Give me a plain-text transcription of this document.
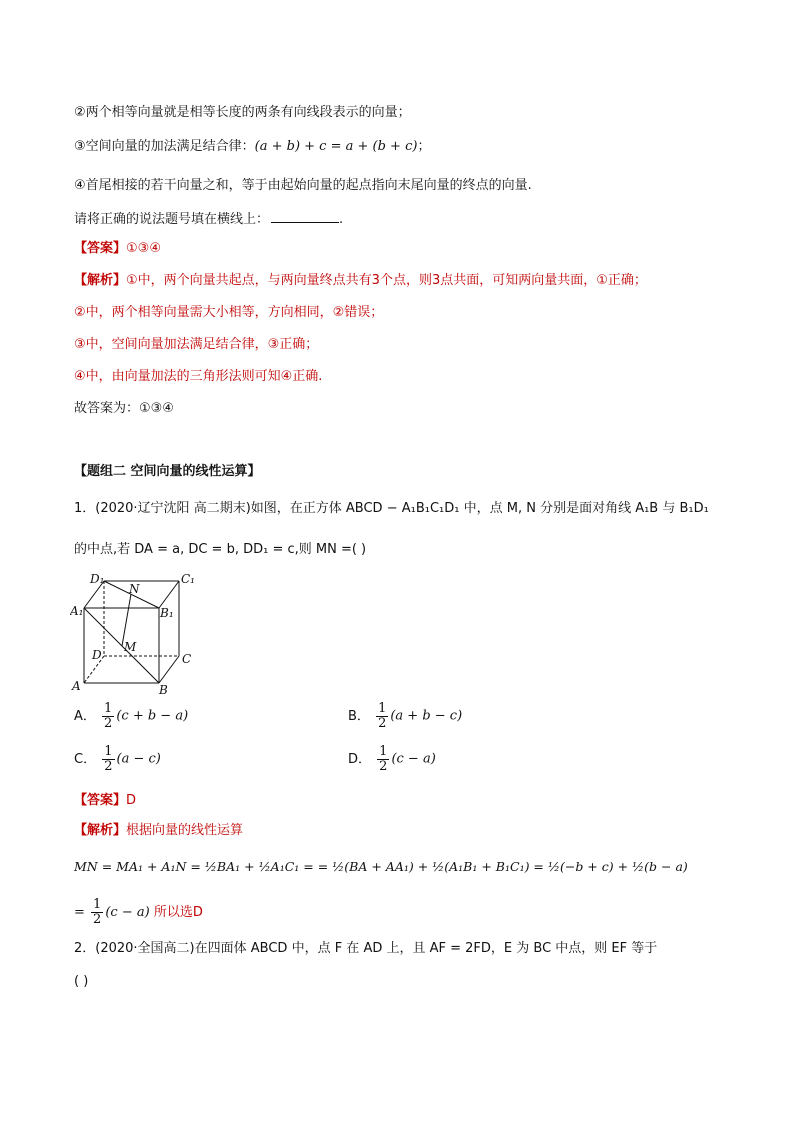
②两个相等向量就是相等长度的两条有向线段表示的向量；
③空间向量的加法满足结合律：(a + b) + c = a + (b + c)；
④首尾相接的若干向量之和，等于由起始向量的起点指向末尾向量的终点的向量.
请将正确的说法题号填在横线上：	.
【答案】①③④
【解析】①中，两个向量共起点，与两向量终点共有3个点，则3点共面，可知两向量共面，①正确；
②中，两个相等向量需大小相等，方向相同，②错误；
③中，空间向量加法满足结合律，③正确；
④中，由向量加法的三角形法则可知④正确.
故答案为：①③④
【题组二 空间向量的线性运算】
1．(2020·辽宁沈阳 高二期末)如图，在正方体 ABCD − A₁B₁C₁D₁ 中，点 M, N 分别是面对角线 A₁B 与 B₁D₁
的中点,若 DA = a, DC = b, DD₁ = c,则 MN =( )
D₁	C₁
A₁	B₁
N
M
D	C
A	B
A． $\frac{1}{2} (c + b - a)$	B． $\frac{1}{2} (a + b - c)$
C． $\frac{1}{2} (a - c)$	D． $\frac{1}{2} (c - a)$
【答案】D
【解析】根据向量的线性运算
MN = MA₁ + A₁N = ½BA₁ + ½A₁C₁ = = ½(BA + AA₁) + ½(A₁B₁ + B₁C₁) = ½(−b + c) + ½(b − a)
= $\frac{1}{2} (c - a)$ 所以选D
2．(2020·全国高二)在四面体 ABCD 中，点 F 在 AD 上，且 AF = 2FD，E 为 BC 中点，则 EF 等于
( )
